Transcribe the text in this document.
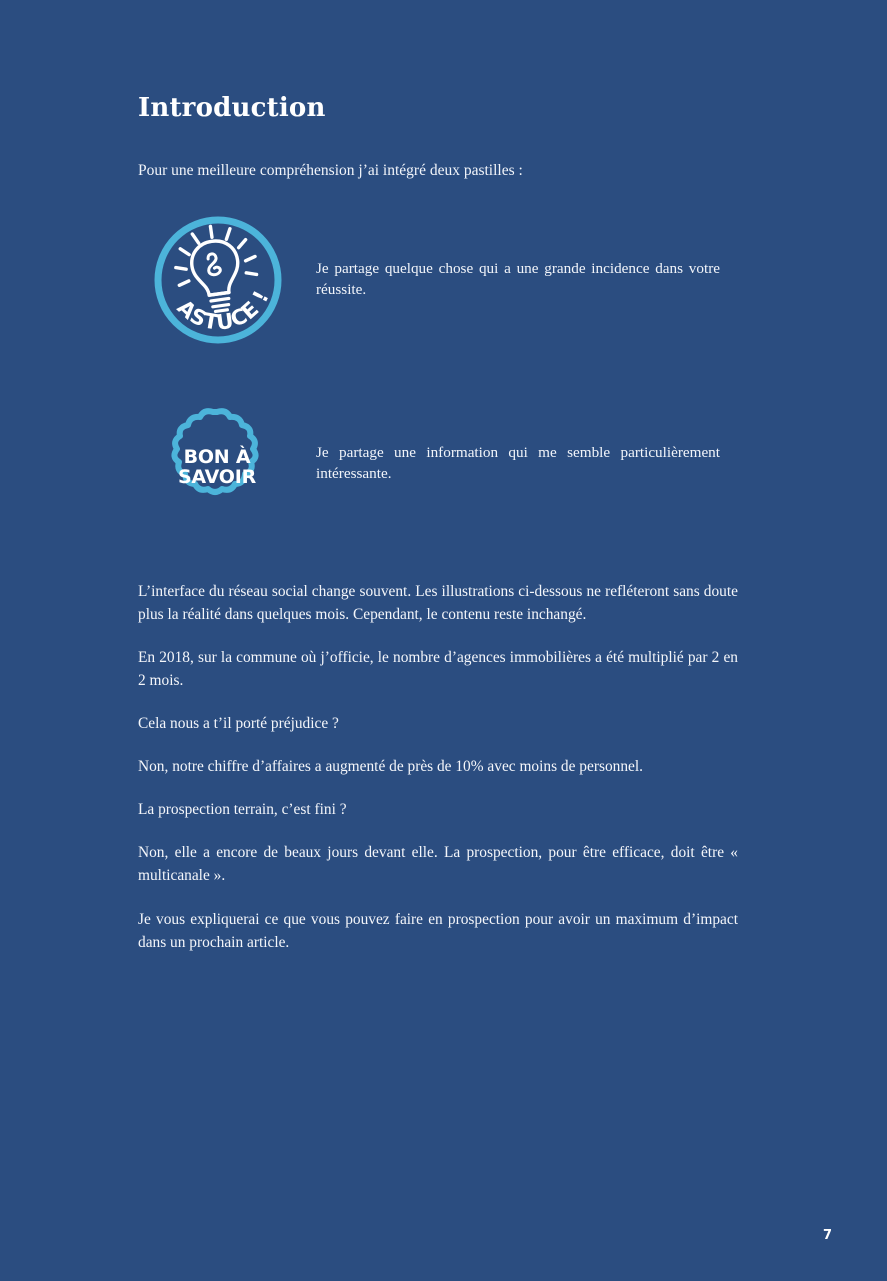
Introduction

Pour une meilleure compréhension j’ai intégré deux pastilles :

ASTUCE !
Je partage quelque chose qui a une grande incidence dans votre réussite.
BON À
SAVOIR
Je partage une information qui me semble particulièrement intéressante.

L’interface du réseau social change souvent. Les illustrations ci-dessous ne refléteront sans doute plus la réalité dans quelques mois. Cependant, le contenu reste inchangé.

En 2018, sur la commune où j’officie, le nombre d’agences immobilières a été multiplié par 2 en 2 mois.

Cela nous a t’il porté préjudice ?

Non, notre chiffre d’affaires a augmenté de près de 10% avec moins de personnel.

La prospection terrain, c’est fini ?

Non, elle a encore de beaux jours devant elle. La prospection, pour être efficace, doit être « multicanale ».

Je vous expliquerai ce que vous pouvez faire en prospection pour avoir un maximum d’impact dans un prochain article.

7
